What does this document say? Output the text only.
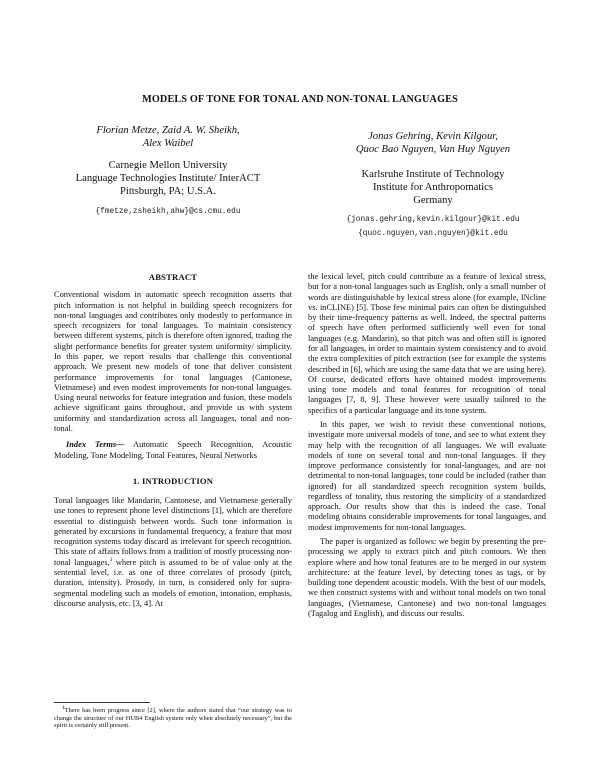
MODELS OF TONE FOR TONAL AND NON-TONAL LANGUAGES
Florian Metze, Zaid A. W. Sheikh,
Alex Waibel
Carnegie Mellon University
Language Technologies Institute/ InterACT
Pittsburgh, PA; U.S.A.
{fmetze,zsheikh,ahw}@cs.cmu.edu
Jonas Gehring, Kevin Kilgour,
Quoc Bao Nguyen, Van Huy Nguyen
Karlsruhe Institute of Technology
Institute for Anthropomatics
Germany
{jonas.gehring,kevin.kilgour}@kit.edu
{quoc.nguyen,van.nguyen}@kit.edu
ABSTRACT

Conventional wisdom in automatic speech recognition asserts that pitch information is not helpful in building speech recognizers for non-tonal languages and contributes only modestly to performance in speech recognizers for tonal languages. To maintain consistency between different systems, pitch is therefore often ignored, trading the slight performance benefits for greater system uniformity/ simplicity. In this paper, we report results that challenge this conventional approach. We present new models of tone that deliver consistent performance improvements for tonal languages (Cantonese, Vietnamese) and even modest improvements for non-tonal languages. Using neural networks for feature integration and fusion, these models achieve significant gains throughout, and provide us with system uniformity and standardization across all languages, tonal and non-tonal.

Index Terms— Automatic Speech Recognition, Acoustic Modeling, Tone Modeling, Tonal Features, Neural Networks

1. INTRODUCTION

Tonal languages like Mandarin, Cantonese, and Vietnamese generally use tones to represent phone level distinctions [1], which are therefore essential to distinguish between words. Such tone information is generated by excursions in fundamental frequency, a feature that most recognition systems today discard as irrelevant for speech recognition. This state of affairs follows from a tradition of mostly processing non-tonal languages,$^1$ where pitch is assumed to be of value only at the sentential level, i.e. as one of three correlates of prosody (pitch, duration, intensity). Prosody, in turn, is considered only for supra-segmental modeling such as models of emotion, intonation, emphasis, discourse analysis, etc. [3, 4]. At

$^1$There has been progress since [2], where the authors stated that “our strategy was to change the structure of our HUB4 English system only when absolutely necessary”, but the spirit is certainly still present.

the lexical level, pitch could contribute as a feature of lexical stress, but for a non-tonal languages such as English, only a small number of words are distinguishable by lexical stress alone (for example, INcline vs. inCLINE) [5]. Those few minimal pairs can often be distinguished by their time-frequency patterns as well. Indeed, the spectral patterns of speech have often performed sufficiently well even for tonal languages (e.g. Mandarin), so that pitch was and often still is ignored for all languages, in order to maintain system consistency and to avoid the extra complexities of pitch extraction (see for example the systems described in [6], which are using the same data that we are using here). Of course, dedicated efforts have obtained modest improvements using tone models and tonal features for recognition of tonal languages [7, 8, 9]. These however were usually tailored to the specifics of a particular language and its tone system.

In this paper, we wish to revisit these conventional notions, investigate more universal models of tone, and see to what extent they may help with the recognition of all languages. We will evaluate models of tone on several tonal and non-tonal languages. If they improve performance consistently for tonal-languages, and are not detrimental to non-tonal languages, tone could be included (rather than ignored) for all standardized speech recognition system builds, regardless of tonality, thus restoring the simplicity of a standardized approach. Our results show that this is indeed the case. Tonal modeling obtains considerable improvements for tonal languages, and modest improvements for non-tonal languages.

The paper is organized as follows: we begin by presenting the pre-processing we apply to extract pitch and pitch contours. We then explore where and how tonal features are to be merged in our system architecture: at the feature level, by detecting tones as tags, or by building tone dependent acoustic models. With the best of our models, we then construct systems with and without tonal models on two tonal languages, (Vietnamese, Cantonese) and two non-tonal languages (Tagalog and English), and discuss our results.
